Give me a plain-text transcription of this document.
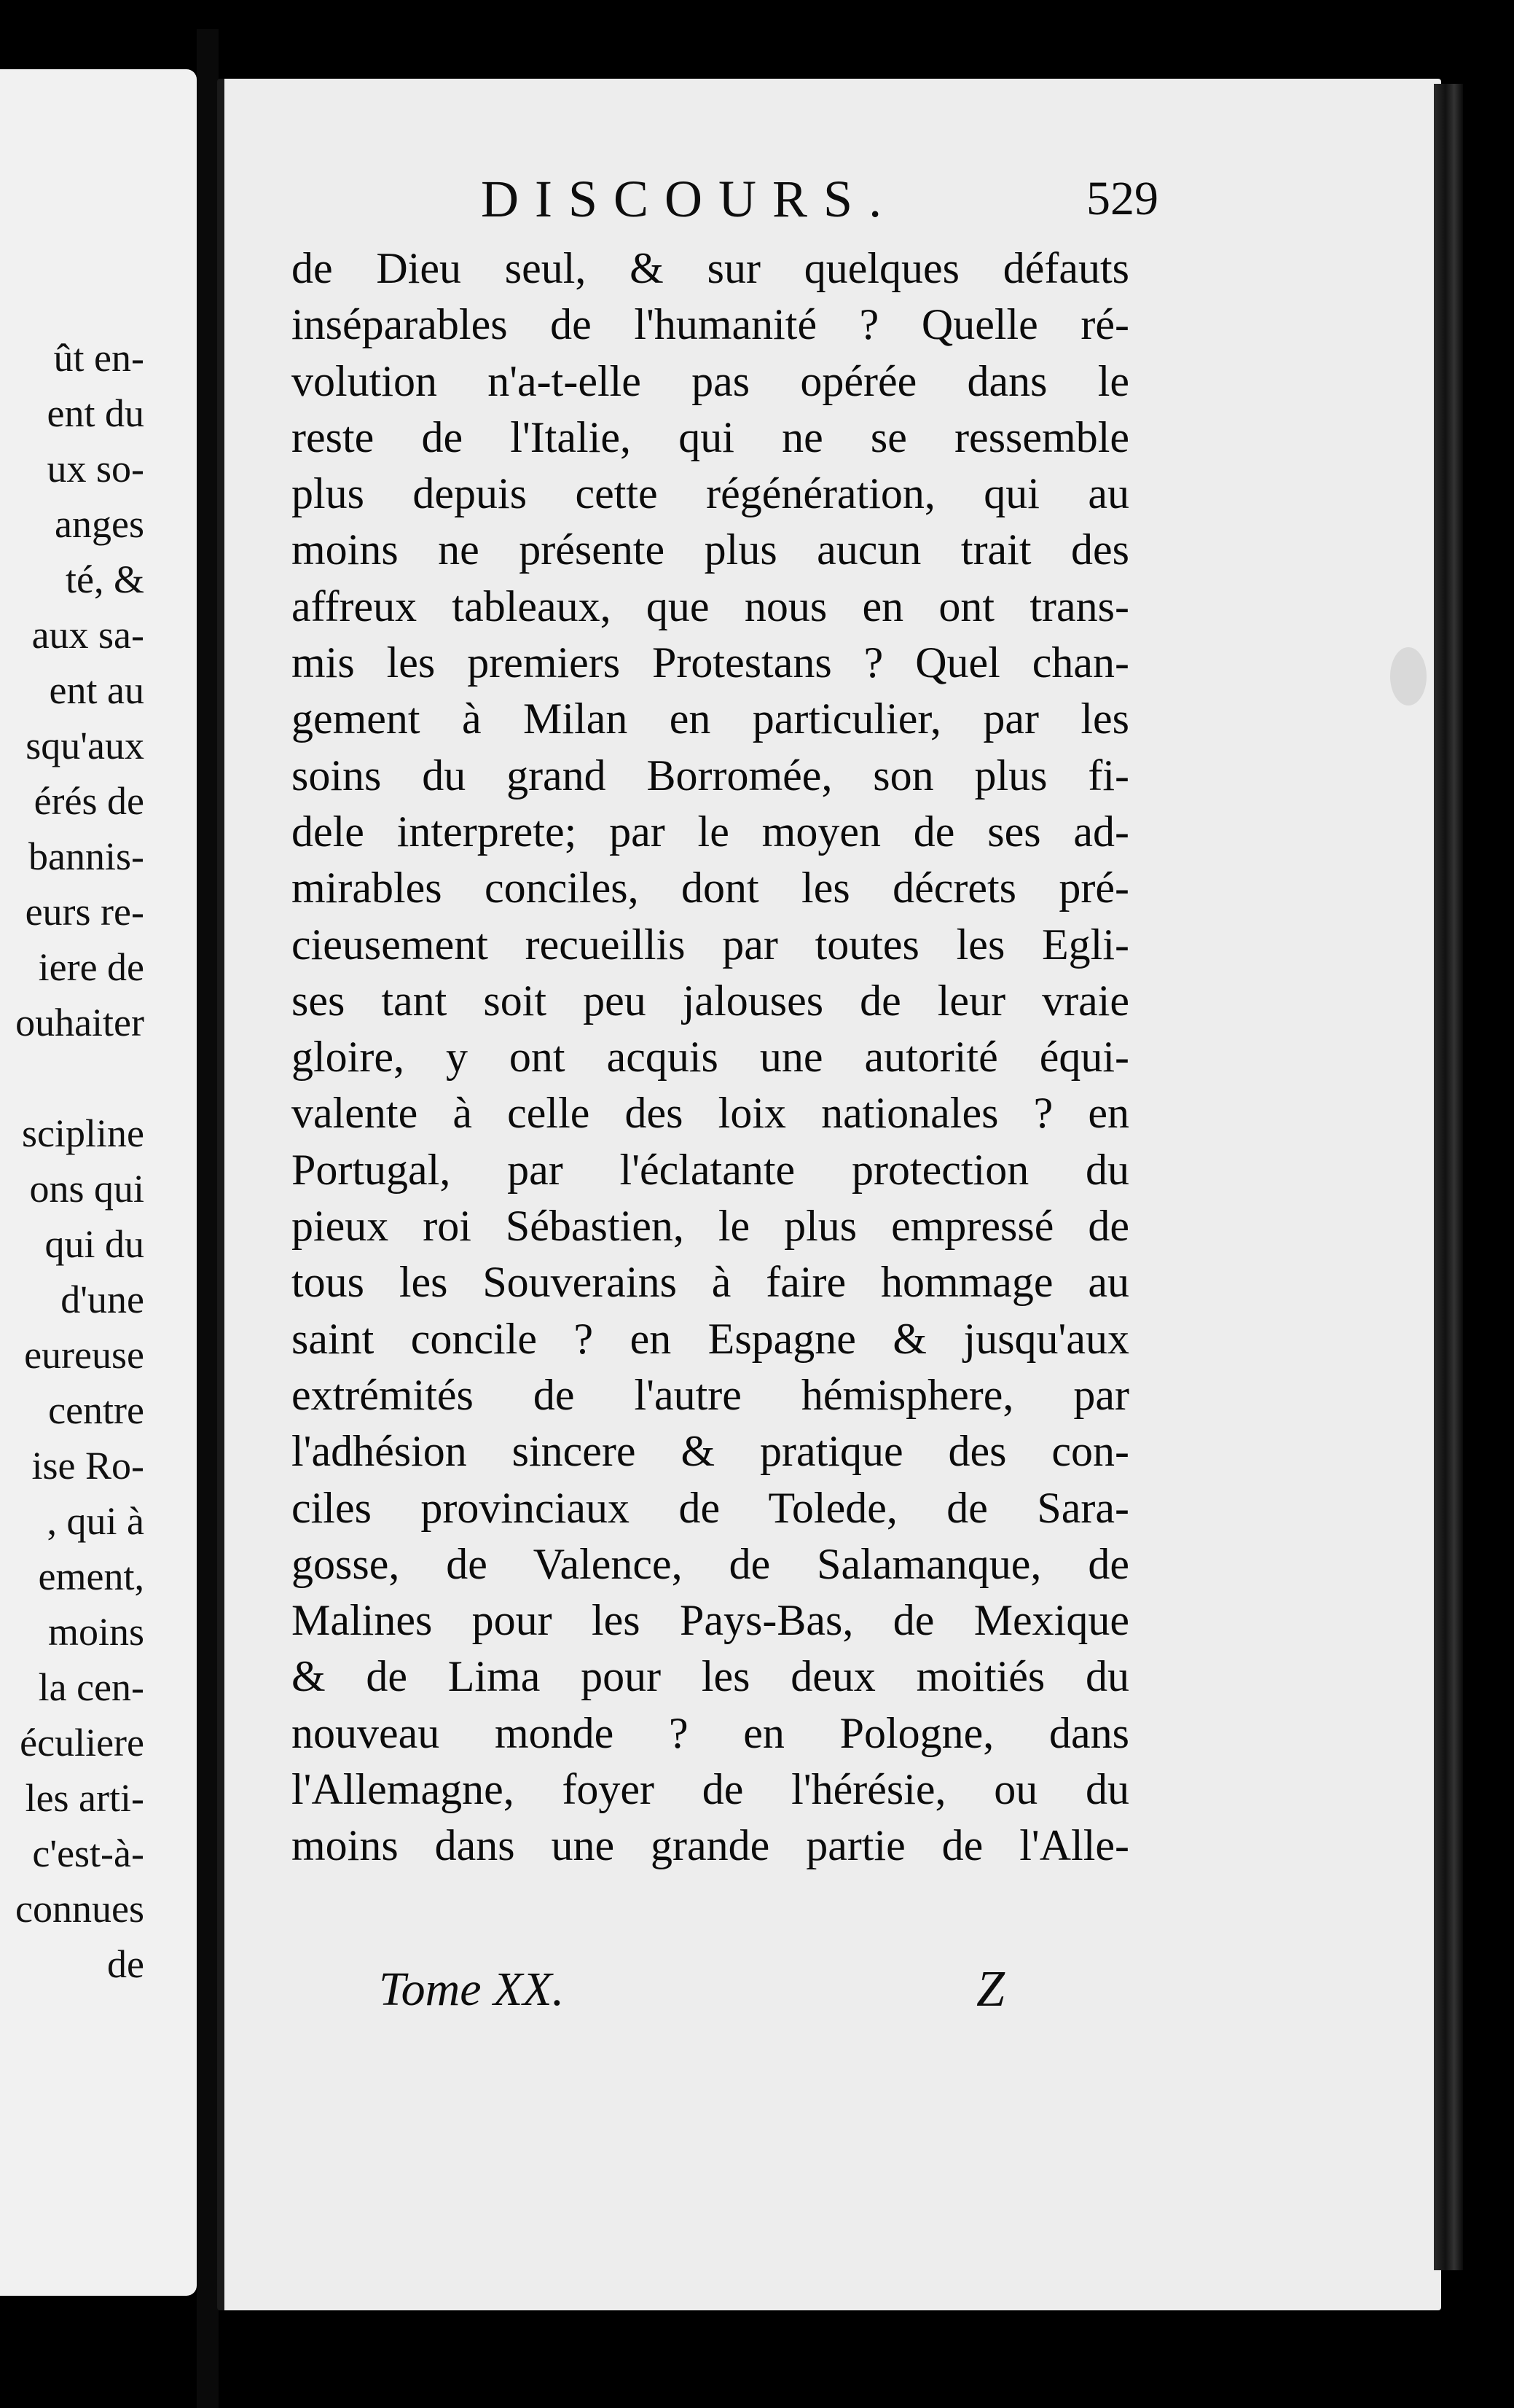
ût en-
ent du
ux so-
anges
té, &
aux sa-
ent au
squ'aux
érés de
bannis-
eurs re-
iere de
ouhaiter
scipline
ons qui
qui du
d'une
eureuse
centre
ise Ro-
, qui à
ement,
moins
la cen-
éculiere
les arti-
c'est-à-
connues
de
DISCOURS.	529
de Dieu seul, & sur quelques défauts
inséparables de l'humanité ? Quelle ré-
volution n'a-t-elle pas opérée dans le
reste de l'Italie, qui ne se ressemble
plus depuis cette régénération, qui au
moins ne présente plus aucun trait des
affreux tableaux, que nous en ont trans-
mis les premiers Protestans ? Quel chan-
gement à Milan en particulier, par les
soins du grand Borromée, son plus fi-
dele interprete; par le moyen de ses ad-
mirables conciles, dont les décrets pré-
cieusement recueillis par toutes les Egli-
ses tant soit peu jalouses de leur vraie
gloire, y ont acquis une autorité équi-
valente à celle des loix nationales ? en
Portugal, par l'éclatante protection du
pieux roi Sébastien, le plus empressé de
tous les Souverains à faire hommage au
saint concile ? en Espagne & jusqu'aux
extrémités de l'autre hémisphere, par
l'adhésion sincere & pratique des con-
ciles provinciaux de Tolede, de Sara-
gosse, de Valence, de Salamanque, de
Malines pour les Pays-Bas, de Mexique
& de Lima pour les deux moitiés du
nouveau monde ? en Pologne, dans
l'Allemagne, foyer de l'hérésie, ou du
moins dans une grande partie de l'Alle-
Tome XX.	Z
